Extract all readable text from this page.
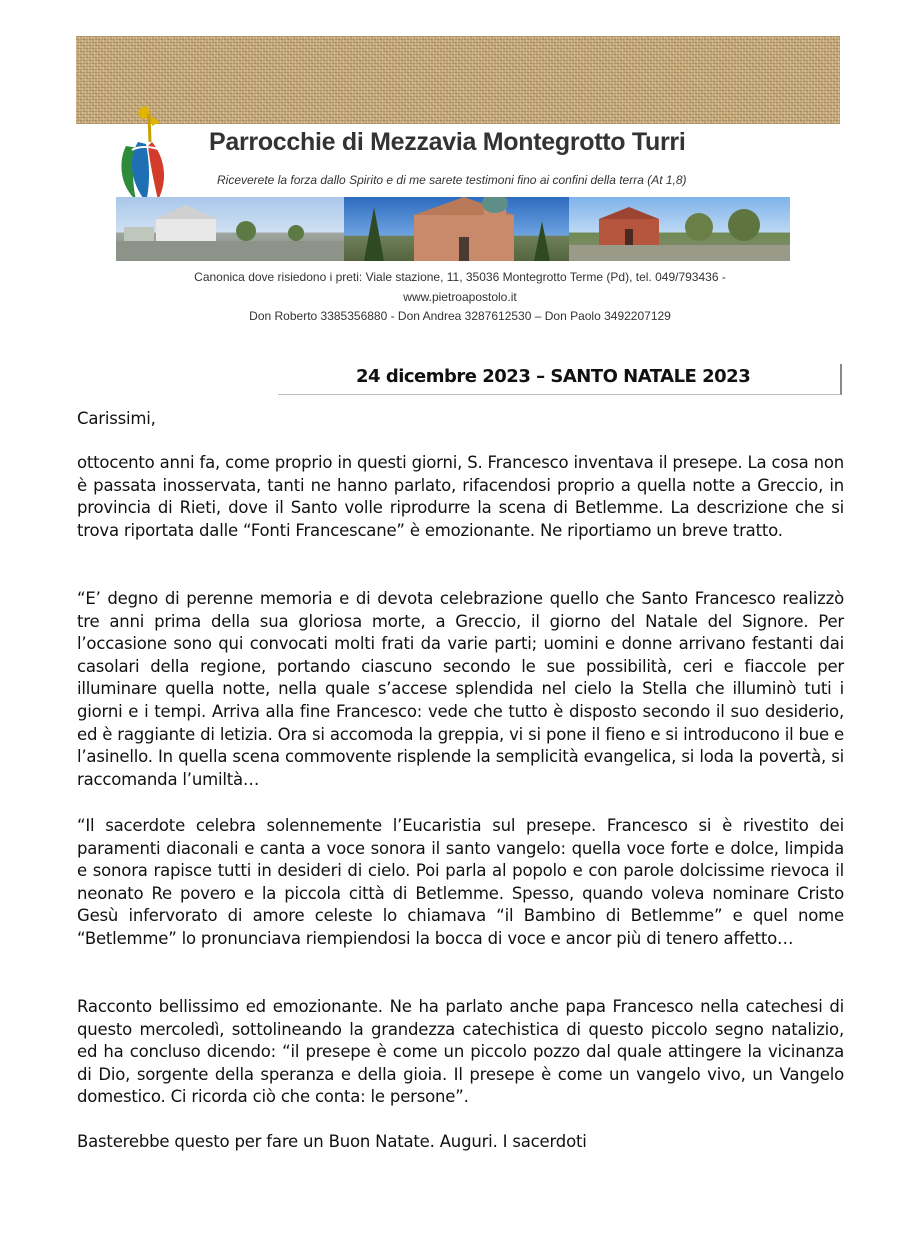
Parrocchie di Mezzavia Montegrotto Turri
Riceverete la forza dallo Spirito e di me sarete testimoni fino ai confini della terra (At 1,8)
Canonica dove risiedono i preti: Viale stazione, 11, 35036 Montegrotto Terme (Pd), tel. 049/793436 -
www.pietroapostolo.it
Don Roberto 3385356880 - Don Andrea 3287612530 – Don Paolo 3492207129
24 dicembre 2023 – SANTO NATALE 2023
Carissimi,
ottocento anni fa, come proprio in questi giorni, S. Francesco inventava il presepe. La cosa non è passata inosservata, tanti ne hanno parlato, rifacendosi proprio a quella notte a Greccio, in provincia di Rieti, dove il Santo volle riprodurre la scena di Betlemme. La descrizione che si trova riportata dalle “Fonti Francescane” è emozionante. Ne riportiamo un breve tratto.
“E’ degno di perenne memoria e di devota celebrazione quello che Santo Francesco realizzò tre anni prima della sua gloriosa morte, a Greccio, il giorno del Natale del Signore. Per l’occasione sono qui convocati molti frati da varie parti; uomini e donne arrivano festanti dai casolari della regione, portando ciascuno secondo le sue possibilità, ceri e fiaccole per illuminare quella notte, nella quale s’accese splendida nel cielo la Stella che illuminò tuti i giorni e i tempi. Arriva alla fine Francesco: vede che tutto è disposto secondo il suo desiderio, ed è raggiante di letizia. Ora si accomoda la greppia, vi si pone il fieno e si introducono il bue e l’asinello. In quella scena commovente risplende la semplicità evangelica, si loda la povertà, si raccomanda l’umiltà…
“Il sacerdote celebra solennemente l’Eucaristia sul presepe. Francesco si è rivestito dei paramenti diaconali e canta a voce sonora il santo vangelo: quella voce forte e dolce, limpida e sonora rapisce tutti in desideri di cielo. Poi parla al popolo e con parole dolcissime rievoca il neonato Re povero e la piccola città di Betlemme. Spesso, quando voleva nominare Cristo Gesù infervorato di amore celeste lo chiamava “il Bambino di Betlemme” e quel nome “Betlemme” lo pronunciava riempiendosi la bocca di voce e ancor più di tenero affetto…
Racconto bellissimo ed emozionante. Ne ha parlato anche papa Francesco nella catechesi di questo mercoledì, sottolineando la grandezza catechistica di questo piccolo segno natalizio, ed ha concluso dicendo: “il presepe è come un piccolo pozzo dal quale attingere la vicinanza di Dio, sorgente della speranza e della gioia. Il presepe è come un vangelo vivo, un Vangelo domestico. Ci ricorda ciò che conta: le persone”.
Basterebbe questo per fare un Buon Natate. Auguri. I sacerdoti
